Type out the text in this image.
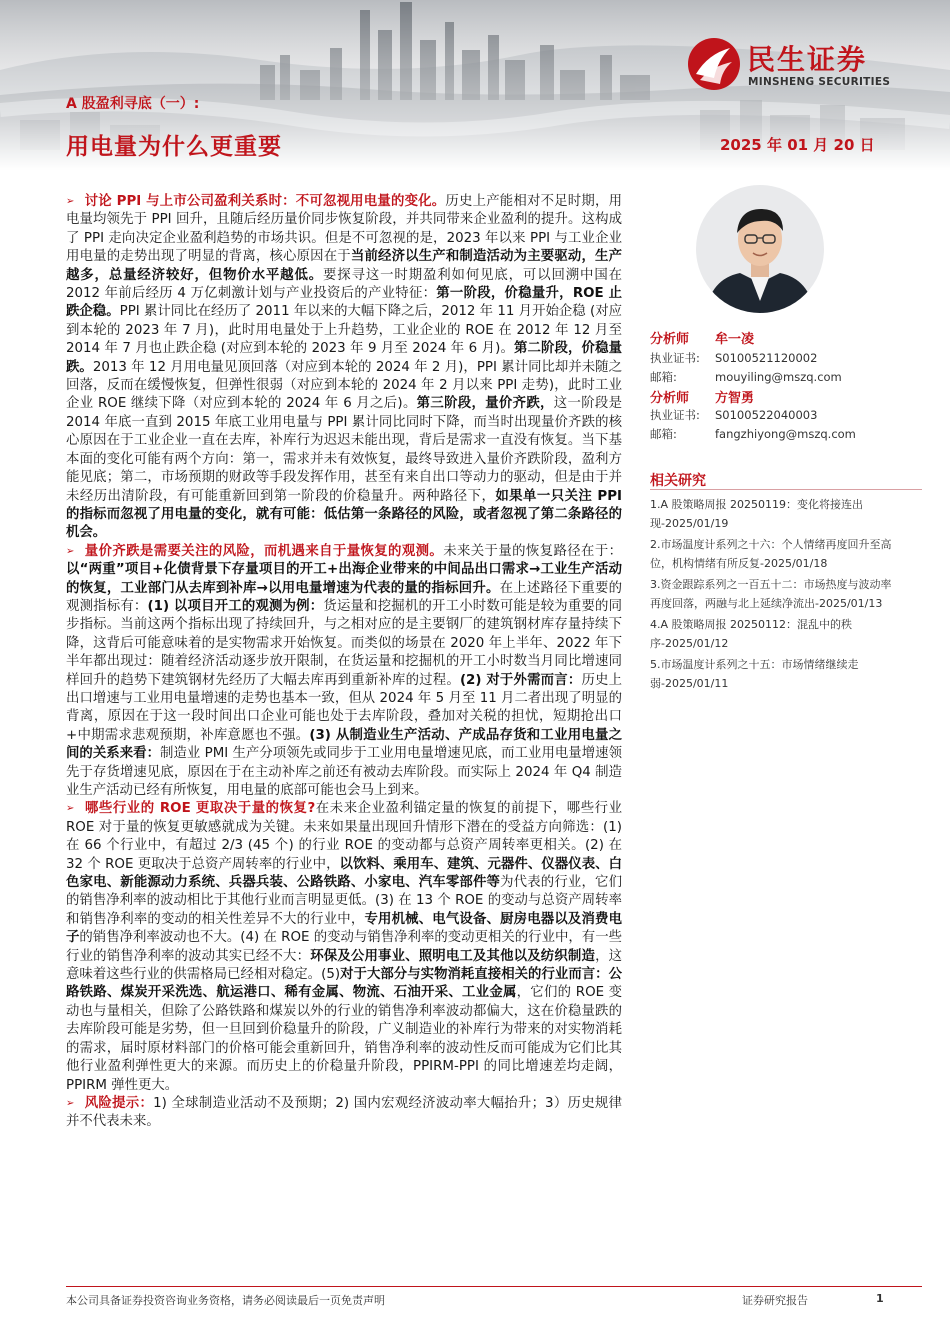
民生证券
MINSHENG SECURITIES
A 股盈利寻底（一）:
用电量为什么更重要	2025 年 01 月 20 日

➢ 讨论 PPI 与上市公司盈利关系时：不可忽视用电量的变化。历史上产能相对不足时期，用电量均领先于 PPI 回升，且随后经历量价同步恢复阶段，并共同带来企业盈利的提升。这构成了 PPI 走向决定企业盈利趋势的市场共识。但是不可忽视的是，2023 年以来 PPI 与工业企业用电量的走势出现了明显的背离，核心原因在于当前经济以生产和制造活动为主要驱动，生产越多，总量经济较好，但物价水平越低。要探寻这一时期盈利如何见底，可以回溯中国在 2012 年前后经历 4 万亿刺激计划与产业投资后的产业特征：第一阶段，价稳量升，ROE 止跌企稳。PPI 累计同比在经历了 2011 年以来的大幅下降之后，2012 年 11 月开始企稳 (对应到本轮的 2023 年 7 月)，此时用电量处于上升趋势，工业企业的 ROE 在 2012 年 12 月至 2014 年 7 月也止跌企稳 (对应到本轮的 2023 年 9 月至 2024 年 6 月)。第二阶段，价稳量跌。2013 年 12 月用电量见顶回落（对应到本轮的 2024 年 2 月)，PPI 累计同比却并未随之回落，反而在缓慢恢复，但弹性很弱（对应到本轮的 2024 年 2 月以来 PPI 走势)，此时工业企业 ROE 继续下降（对应到本轮的 2024 年 6 月之后)。第三阶段，量价齐跌，这一阶段是 2014 年底一直到 2015 年底工业用电量与 PPI 累计同比同时下降，而当时出现量价齐跌的核心原因在于工业企业一直在去库，补库行为迟迟未能出现，背后是需求一直没有恢复。当下基本面的变化可能有两个方向：第一，需求并未有效恢复，最终导致进入量价齐跌阶段，盈利方能见底；第二，市场预期的财政等手段发挥作用，甚至有来自出口等动力的驱动，但是由于并未经历出清阶段，有可能重新回到第一阶段的价稳量升。两种路径下，如果单一只关注 PPI 的指标而忽视了用电量的变化，就有可能：低估第一条路径的风险，或者忽视了第二条路径的机会。

➢ 量价齐跌是需要关注的风险，而机遇来自于量恢复的观测。未来关于量的恢复路径在于：以“两重”项目+化债背景下存量项目的开工+出海企业带来的中间品出口需求→工业生产活动的恢复，工业部门从去库到补库→以用电量增速为代表的量的指标回升。在上述路径下重要的观测指标有：(1) 以项目开工的观测为例：货运量和挖掘机的开工小时数可能是较为重要的同步指标。当前这两个指标出现了持续回升，与之相对应的是主要钢厂的建筑钢材库存量持续下降，这背后可能意味着的是实物需求开始恢复。而类似的场景在 2020 年上半年、2022 年下半年都出现过：随着经济活动逐步放开限制，在货运量和挖掘机的开工小时数当月同比增速同样回升的趋势下建筑钢材先经历了大幅去库再到重新补库的过程。(2) 对于外需而言：历史上出口增速与工业用电量增速的走势也基本一致，但从 2024 年 5 月至 11 月二者出现了明显的背离，原因在于这一段时间出口企业可能也处于去库阶段，叠加对关税的担忧，短期抢出口+中期需求悲观预期，补库意愿也不强。(3) 从制造业生产活动、产成品存货和工业用电量之间的关系来看：制造业 PMI 生产分项领先或同步于工业用电量增速见底，而工业用电量增速领先于存货增速见底，原因在于在主动补库之前还有被动去库阶段。而实际上 2024 年 Q4 制造业生产活动已经有所恢复，用电量的底部可能也会马上到来。

➢ 哪些行业的 ROE 更取决于量的恢复?在未来企业盈利锚定量的恢复的前提下，哪些行业 ROE 对于量的恢复更敏感就成为关键。未来如果量出现回升情形下潜在的受益方向筛选：(1) 在 66 个行业中，有超过 2/3 (45 个) 的行业 ROE 的变动都与总资产周转率更相关。(2) 在 32 个 ROE 更取决于总资产周转率的行业中，以饮料、乘用车、建筑、元器件、仪器仪表、白色家电、新能源动力系统、兵器兵装、公路铁路、小家电、汽车零部件等为代表的行业，它们的销售净利率的波动相比于其他行业而言明显更低。(3) 在 13 个 ROE 的变动与总资产周转率和销售净利率的变动的相关性差异不大的行业中，专用机械、电气设备、厨房电器以及消费电子的销售净利率波动也不大。(4) 在 ROE 的变动与销售净利率的变动更相关的行业中，有一些行业的销售净利率的波动其实已经不大：环保及公用事业、照明电工及其他以及纺织制造，这意味着这些行业的供需格局已经相对稳定。(5)对于大部分与实物消耗直接相关的行业而言：公路铁路、煤炭开采洗选、航运港口、稀有金属、物流、石油开采、工业金属，它们的 ROE 变动也与量相关，但除了公路铁路和煤炭以外的行业的销售净利率波动都偏大，这在价稳量跌的去库阶段可能是劣势，但一旦回到价稳量升的阶段，广义制造业的补库行为带来的对实物消耗的需求，届时原材料部门的价格可能会重新回升，销售净利率的波动性反而可能成为它们比其他行业盈利弹性更大的来源。而历史上的价稳量升阶段，PPIRM-PPI 的同比增速差均走阔，PPIRM 弹性更大。

➢ 风险提示：1) 全球制造业活动不及预期；2) 国内宏观经济波动率大幅抬升；3）历史规律并不代表未来。

分析师 牟一凌
执业证书: S0100521120002
邮箱:	mouyiling@mszq.com
分析师 方智勇
执业证书: S0100522040003
邮箱:	fangzhiyong@mszq.com
相关研究
1.A 股策略周报 20250119：变化将接连出现-2025/01/19
2.市场温度计系列之十六：个人情绪再度回升至高位，机构情绪有所反复-2025/01/18
3.资金跟踪系列之一百五十二：市场热度与波动率再度回落，两融与北上延续净流出-2025/01/13
4.A 股策略周报 20250112：混乱中的秩序-2025/01/12
5.市场温度计系列之十五：市场情绪继续走弱-2025/01/11
本公司具备证券投资咨询业务资格，请务必阅读最后一页免责声明	证券研究报告	1
